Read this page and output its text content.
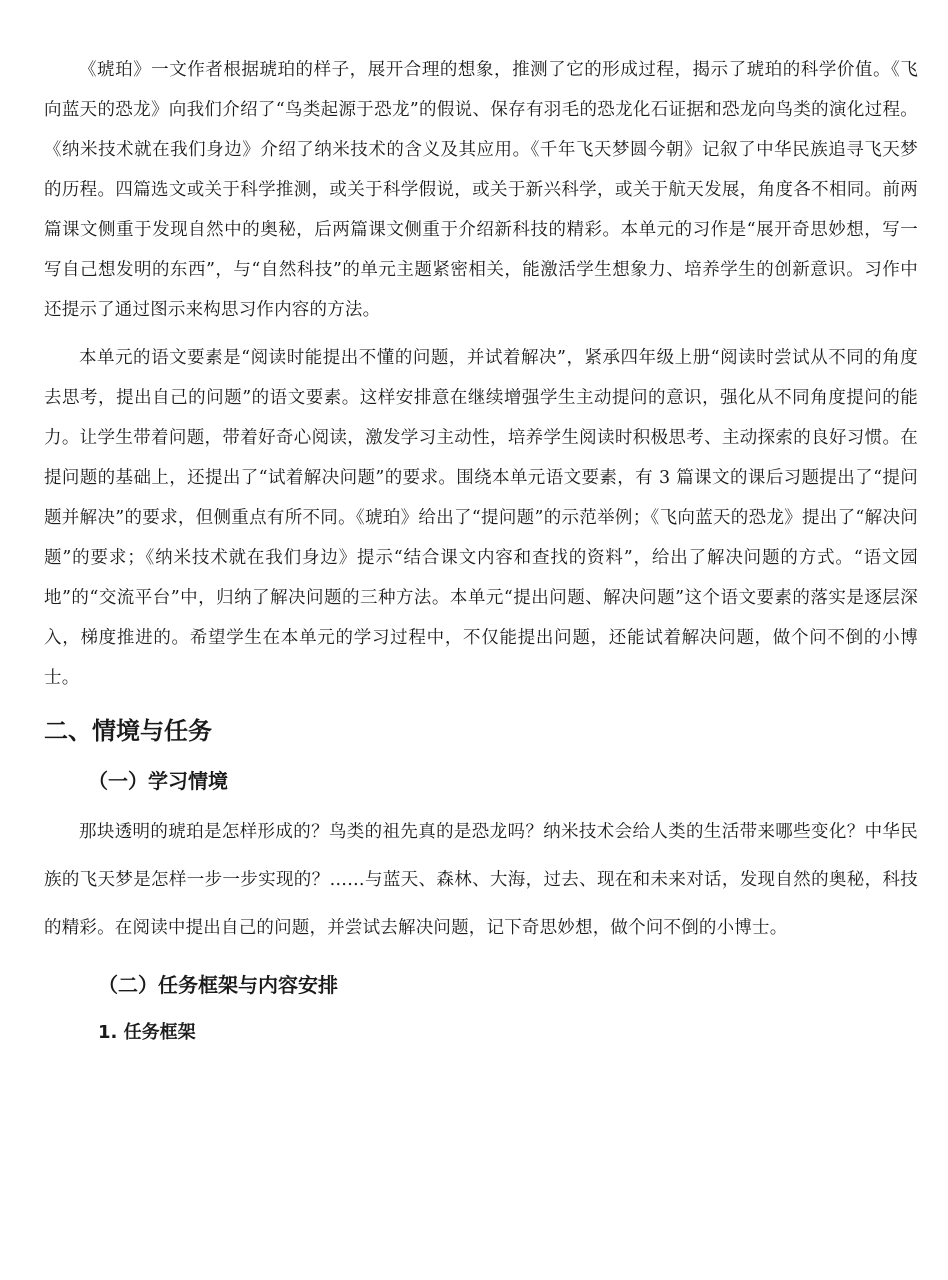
《琥珀》一文作者根据琥珀的样子，展开合理的想象，推测了它的形成过程，揭示了琥珀的科学价值。《飞向蓝天的恐龙》向我们介绍了“鸟类起源于恐龙”的假说、保存有羽毛的恐龙化石证据和恐龙向鸟类的演化过程。《纳米技术就在我们身边》介绍了纳米技术的含义及其应用。《千年飞天梦圆今朝》记叙了中华民族追寻飞天梦的历程。四篇选文或关于科学推测，或关于科学假说，或关于新兴科学，或关于航天发展，角度各不相同。前两篇课文侧重于发现自然中的奥秘，后两篇课文侧重于介绍新科技的精彩。本单元的习作是“展开奇思妙想，写一写自己想发明的东西”，与“自然科技”的单元主题紧密相关，能激活学生想象力、培养学生的创新意识。习作中还提示了通过图示来构思习作内容的方法。

本单元的语文要素是“阅读时能提出不懂的问题，并试着解决”，紧承四年级上册“阅读时尝试从不同的角度去思考，提出自己的问题”的语文要素。这样安排意在继续增强学生主动提问的意识，强化从不同角度提问的能力。让学生带着问题，带着好奇心阅读，激发学习主动性，培养学生阅读时积极思考、主动探索的良好习惯。在提问题的基础上，还提出了“试着解决问题”的要求。围绕本单元语文要素，有 3 篇课文的课后习题提出了“提问题并解决”的要求，但侧重点有所不同。《琥珀》给出了“提问题”的示范举例；《飞向蓝天的恐龙》提出了“解决问题”的要求；《纳米技术就在我们身边》提示“结合课文内容和查找的资料”，给出了解决问题的方式。“语文园地”的“交流平台”中，归纳了解决问题的三种方法。本单元“提出问题、解决问题”这个语文要素的落实是逐层深入，梯度推进的。希望学生在本单元的学习过程中，不仅能提出问题，还能试着解决问题，做个问不倒的小博士。

二、情境与任务
（一）学习情境

那块透明的琥珀是怎样形成的？鸟类的祖先真的是恐龙吗？纳米技术会给人类的生活带来哪些变化？中华民族的飞天梦是怎样一步一步实现的？……与蓝天、森林、大海，过去、现在和未来对话，发现自然的奥秘，科技的精彩。在阅读中提出自己的问题，并尝试去解决问题，记下奇思妙想，做个问不倒的小博士。

（二）任务框架与内容安排
1. 任务框架
